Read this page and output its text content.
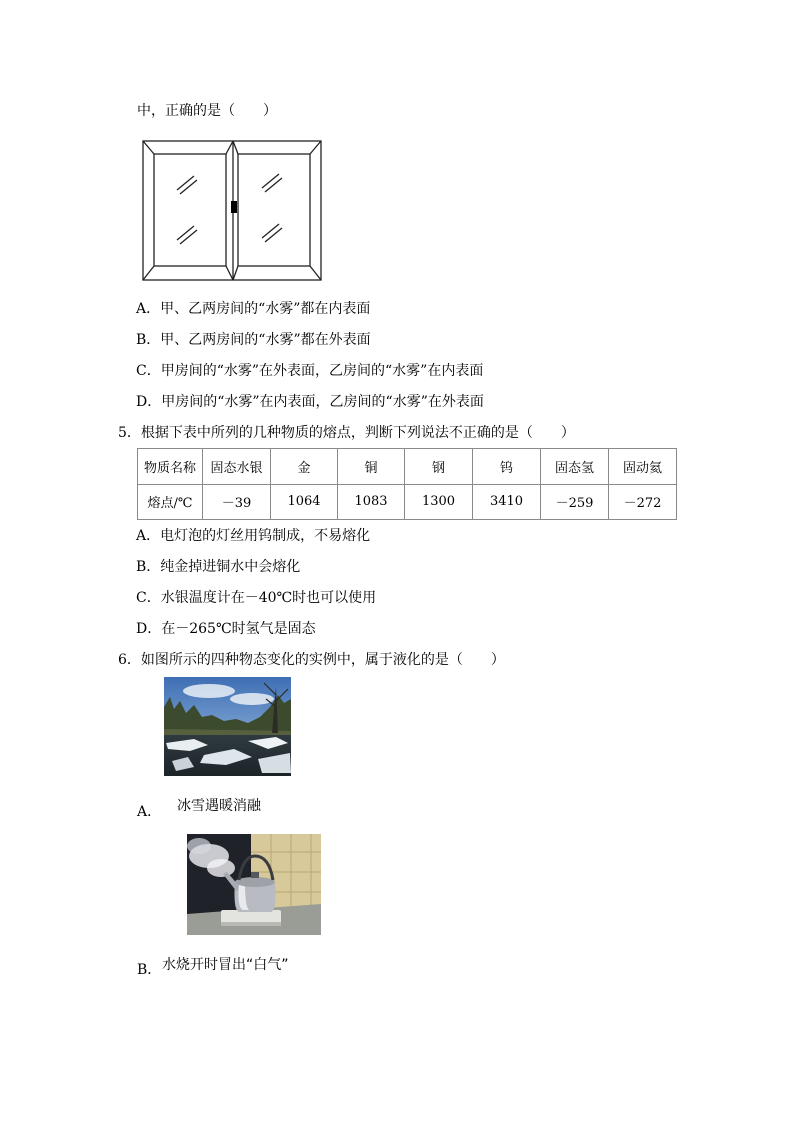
中，正确的是（　　）
A．甲、乙两房间的“水雾”都在内表面
B．甲、乙两房间的“水雾”都在外表面
C．甲房间的“水雾”在外表面，乙房间的“水雾”在内表面
D．甲房间的“水雾”在内表面，乙房间的“水雾”在外表面
5．根据下表中所列的几种物质的熔点，判断下列说法不正确的是（　　）
物质名称	固态水银	金	铜	钢	钨	固态氢	固动氦
熔点/℃	－39	1064	1083	1300	3410	－259	－272
A．电灯泡的灯丝用钨制成，不易熔化
B．纯金掉进铜水中会熔化
C．水银温度计在－40℃时也可以使用
D．在－265℃时氢气是固态
6．如图所示的四种物态变化的实例中，属于液化的是（　　）
A． 冰雪遇暖消融
B． 水烧开时冒出“白气”
